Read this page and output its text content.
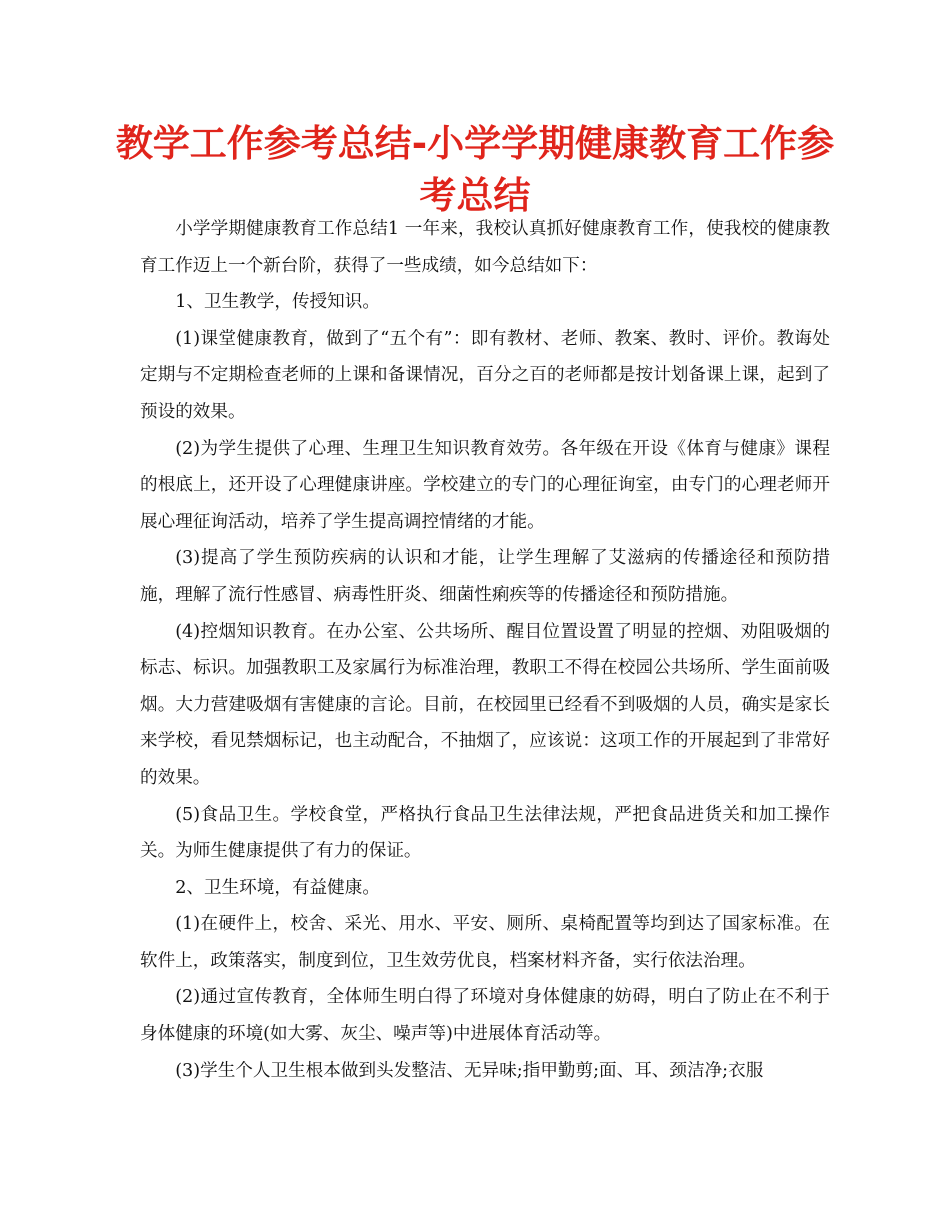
教学工作参考总结-小学学期健康教育工作参考总结

小学学期健康教育工作总结1 一年来，我校认真抓好健康教育工作，使我校的健康教育工作迈上一个新台阶，获得了一些成绩，如今总结如下：

1、卫生教学，传授知识。

(1)课堂健康教育，做到了“五个有”：即有教材、老师、教案、教时、评价。教诲处定期与不定期检查老师的上课和备课情况，百分之百的老师都是按计划备课上课，起到了预设的效果。

(2)为学生提供了心理、生理卫生知识教育效劳。各年级在开设《体育与健康》课程的根底上，还开设了心理健康讲座。学校建立的专门的心理征询室，由专门的心理老师开展心理征询活动，培养了学生提高调控情绪的才能。

(3)提高了学生预防疾病的认识和才能，让学生理解了艾滋病的传播途径和预防措施，理解了流行性感冒、病毒性肝炎、细菌性痢疾等的传播途径和预防措施。

(4)控烟知识教育。在办公室、公共场所、醒目位置设置了明显的控烟、劝阻吸烟的标志、标识。加强教职工及家属行为标准治理，教职工不得在校园公共场所、学生面前吸烟。大力营建吸烟有害健康的言论。目前，在校园里已经看不到吸烟的人员，确实是家长来学校，看见禁烟标记，也主动配合，不抽烟了，应该说：这项工作的开展起到了非常好的效果。

(5)食品卫生。学校食堂，严格执行食品卫生法律法规，严把食品进货关和加工操作关。为师生健康提供了有力的保证。

2、卫生环境，有益健康。

(1)在硬件上，校舍、采光、用水、平安、厕所、桌椅配置等均到达了国家标准。在软件上，政策落实，制度到位，卫生效劳优良，档案材料齐备，实行依法治理。

(2)通过宣传教育，全体师生明白得了环境对身体健康的妨碍，明白了防止在不利于身体健康的环境(如大雾、灰尘、噪声等)中进展体育活动等。

(3)学生个人卫生根本做到头发整洁、无异味;指甲勤剪;面、耳、颈洁净;衣服
